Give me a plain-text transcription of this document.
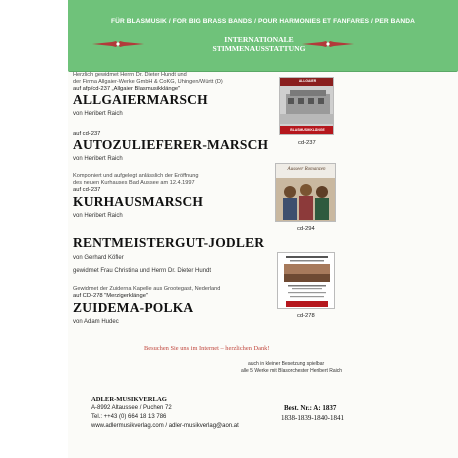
FÜR BLASMUSIK / FOR BIG BRASS BANDS / POUR HARMONIES ET FANFARES / PER BANDA
INTERNATIONALE
STIMMENAUSSTATTUNG
Herzlich gewidmet Herrn Dr. Dieter Hundt und
der Firma Allgaier-Werke GmbH & CoKG, Uhingen/Württ (D)
auf afp/cd-237 „Allgaier Blasmusikklänge"
ALLGAIERMARSCH
von Heribert Raich
auf cd-237
AUTOZULIEFERER-MARSCH
von Heribert Raich
Komponiert und aufgelegt anlässlich der Eröffnung
des neuen Kurhauses Bad Aussee am 12.4.1997
auf cd-237
KURHAUSMARSCH
von Heribert Raich
RENTMEISTERGUT-JODLER
von Gerhard Köfler
gewidmet Frau Christina und Herrn Dr. Dieter Hundt
Gewidmet der Zuiderna Kapelle aus Grootegast, Nederland
auf CD-278 "Merzigerklänge"
ZUIDEMA-POLKA
von Adam Hudec
ALLGAIER
BLASMUSIKKLÄNGE
cd-237
Ausseer Romanzen
cd-294
cd-278
Besuchen Sie uns im Internet – herzlichen Dank!
auch in kleiner Besetzung spielbar
alle 5 Werke mit Blasorchester Heribert Raich
ADLER-MUSIKVERLAG
A-8992 Altaussee / Puchen 72
Tel.: ++43 (0) 664 18 13 786
www.adlermusikverlag.com / adler-musikverlag@aon.at
Best. Nr.: A: 1837
1838-1839-1840-1841
